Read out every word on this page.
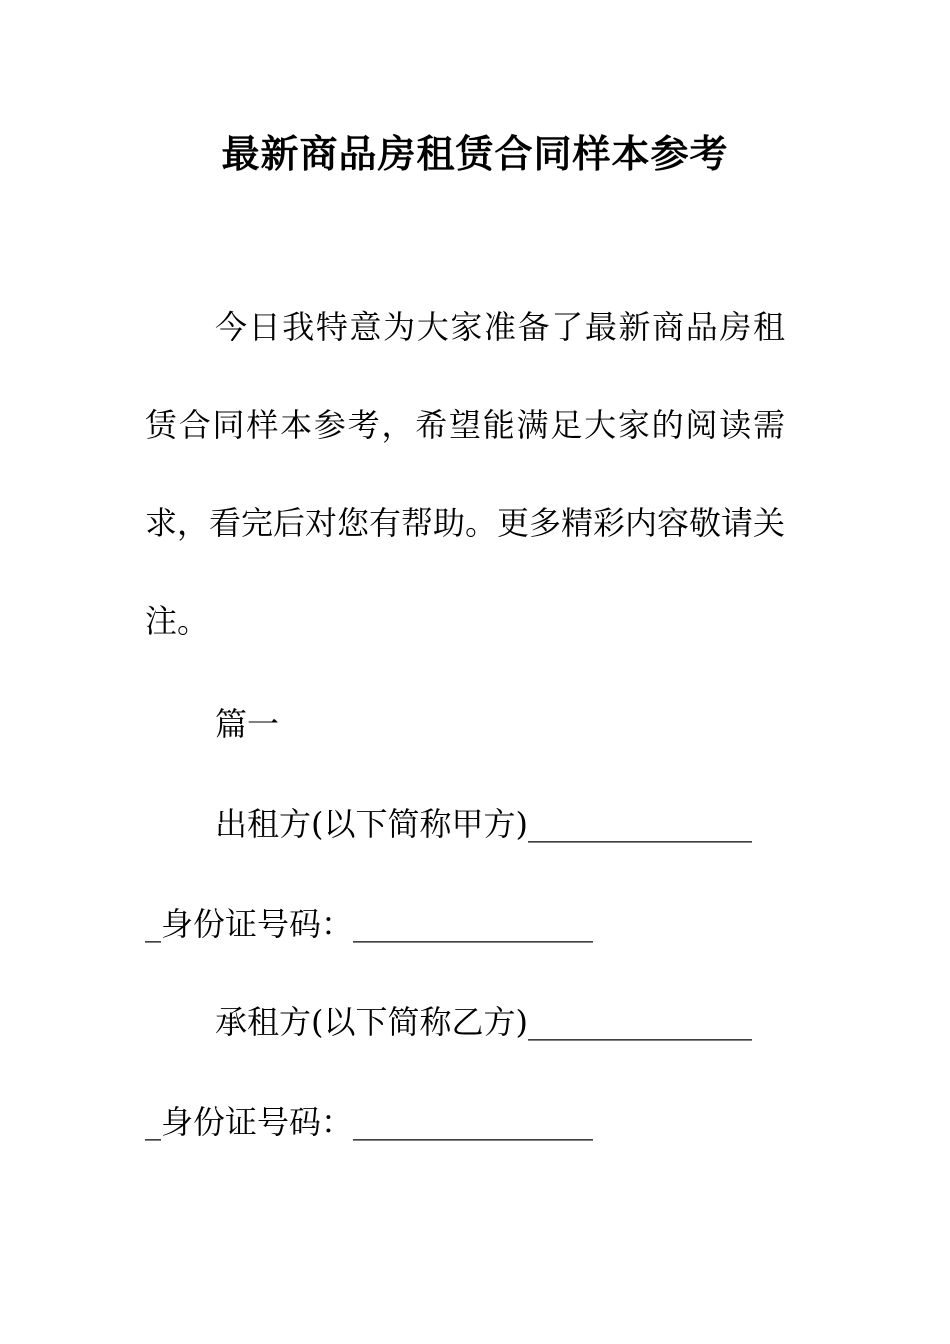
最新商品房租赁合同样本参考
今日我特意为大家准备了最新商品房租赁合同样本参考，希望能满足大家的阅读需求，看完后对您有帮助。更多精彩内容敬请关注。
篇一
出租方(以下简称甲方)______________
_身份证号码：_______________
承租方(以下简称乙方)______________
_身份证号码：_______________
